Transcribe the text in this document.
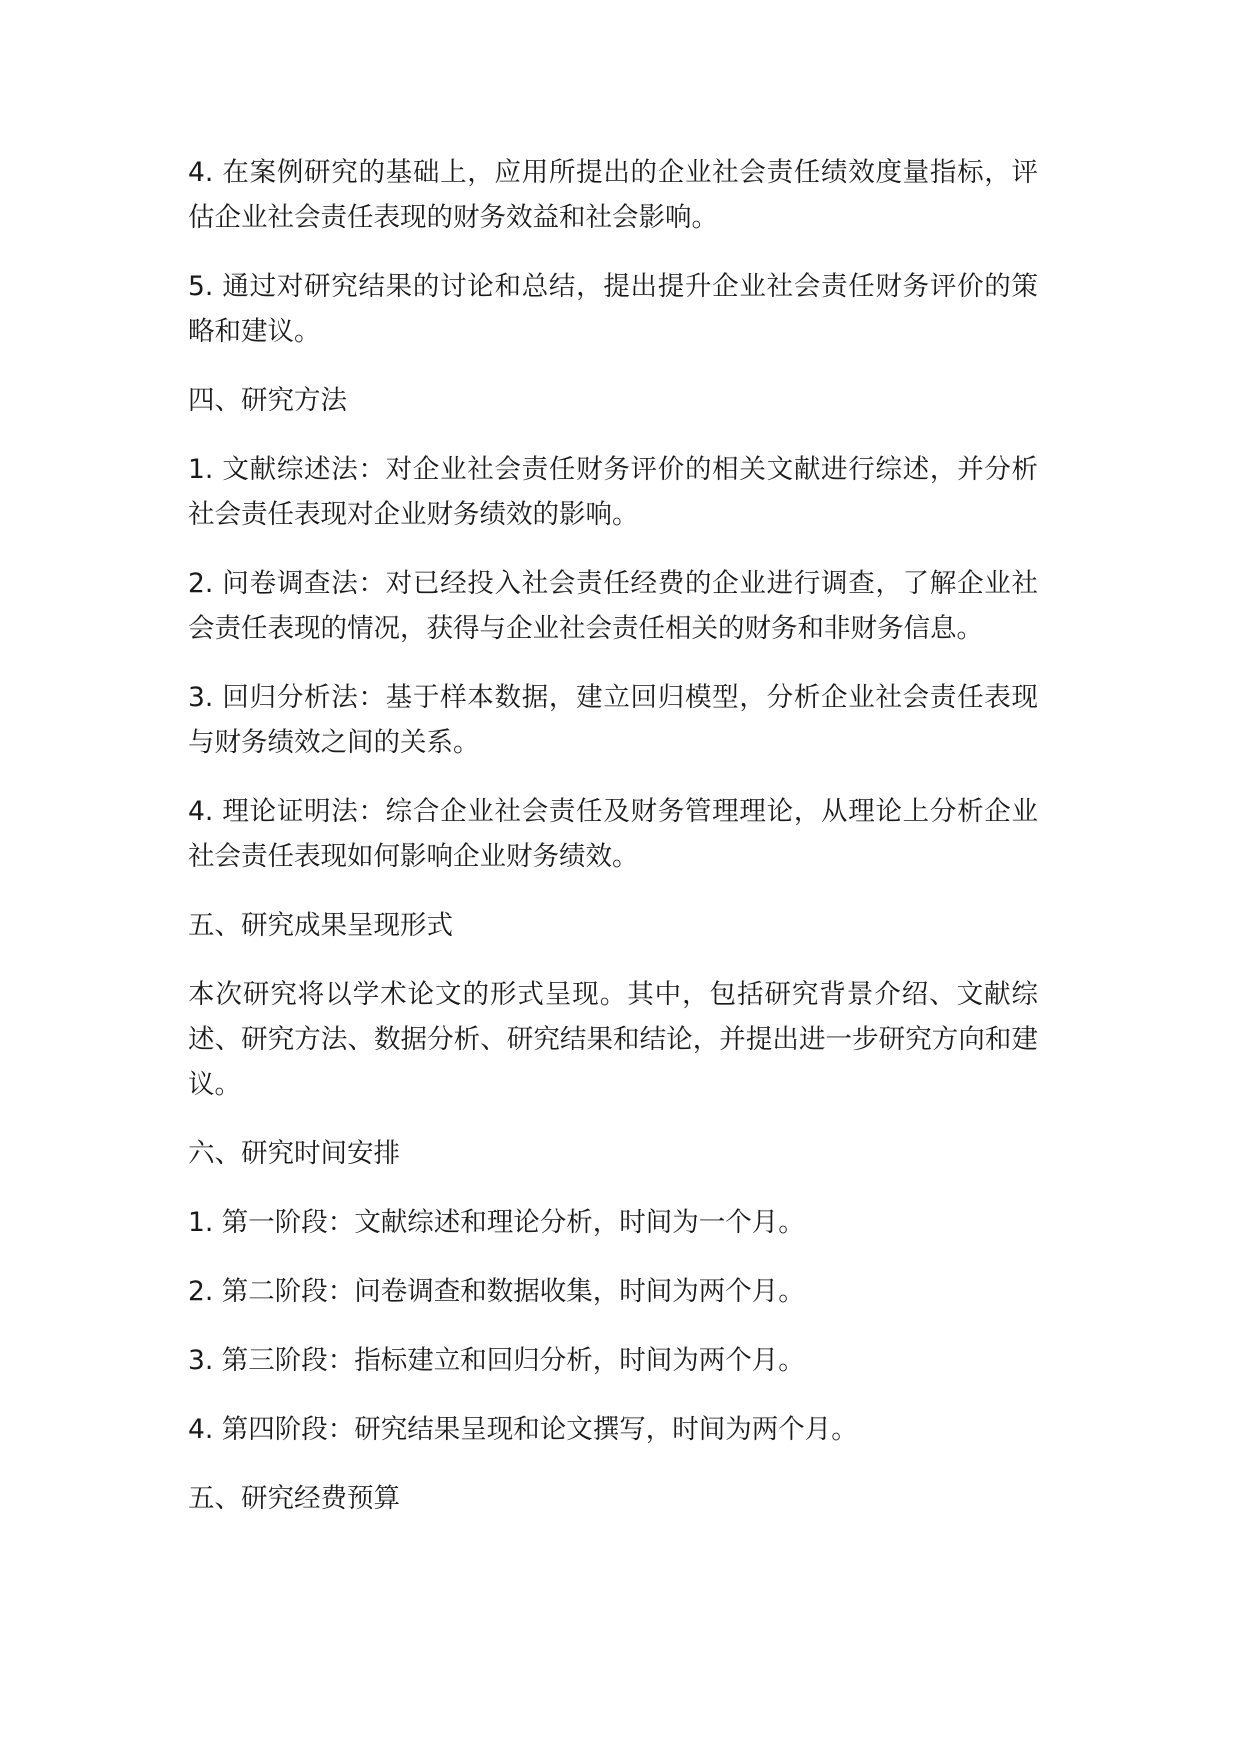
4. 在案例研究的基础上，应用所提出的企业社会责任绩效度量指标，评估企业社会责任表现的财务效益和社会影响。

5. 通过对研究结果的讨论和总结，提出提升企业社会责任财务评价的策略和建议。

四、研究方法

1. 文献综述法：对企业社会责任财务评价的相关文献进行综述，并分析社会责任表现对企业财务绩效的影响。

2. 问卷调查法：对已经投入社会责任经费的企业进行调查，了解企业社会责任表现的情况，获得与企业社会责任相关的财务和非财务信息。

3. 回归分析法：基于样本数据，建立回归模型，分析企业社会责任表现与财务绩效之间的关系。

4. 理论证明法：综合企业社会责任及财务管理理论，从理论上分析企业社会责任表现如何影响企业财务绩效。

五、研究成果呈现形式

本次研究将以学术论文的形式呈现。其中，包括研究背景介绍、文献综述、研究方法、数据分析、研究结果和结论，并提出进一步研究方向和建议。

六、研究时间安排

1. 第一阶段：文献综述和理论分析，时间为一个月。

2. 第二阶段：问卷调查和数据收集，时间为两个月。

3. 第三阶段：指标建立和回归分析，时间为两个月。

4. 第四阶段：研究结果呈现和论文撰写，时间为两个月。

五、研究经费预算
